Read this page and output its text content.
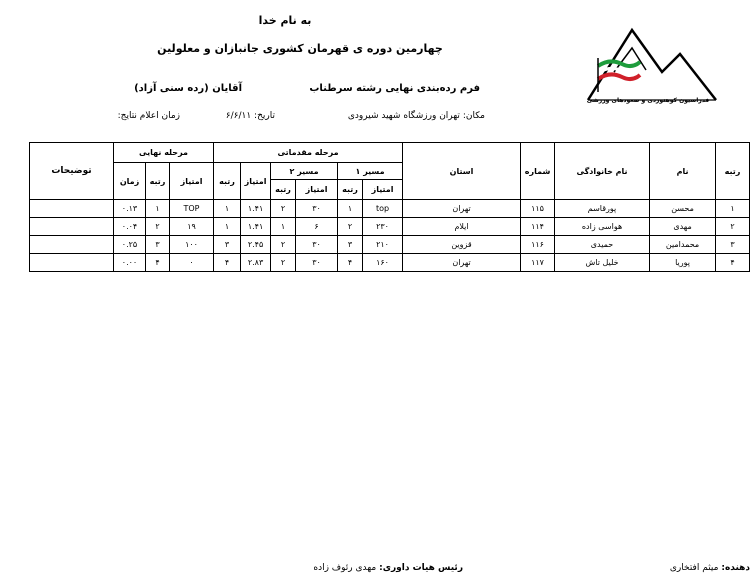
به نام خدا
چهارمین دوره ی قهرمان کشوری جانبازان و معلولین
فرم رده‌بندی نهایی رشته سرطناب
آقایان (رده سنی آزاد)
مکان: تهران ورزشگاه شهید شیرودی
تاریخ: ۶/۶/۱۱
زمان اعلام نتایج:
فدراسیون کوهنوردی و صعودهای ورزشی
رتبه	نام	نام خانوادگی	شماره	استان	مرحله مقدماتی						مرحله نهایی			توضیحات
					مسیر ۱		مسیر ۲		امتیاز	رتبه	امتیاز	رتبه	زمان	
					امتیاز	رتبه	امتیاز	رتبه						
۱	محسن	پورقاسم	۱۱۵	تهران	top	۱	۳۰	۲	۱.۴۱	۱	TOP	۱	۰.۱۳	
۲	مهدی	هواسی زاده	۱۱۴	ایلام	۲۳۰	۲	۶	۱	۱.۴۱	۱	۱۹	۲	۰.۰۴	
۳	محمدامین	حمیدی	۱۱۶	قزوین	۲۱۰	۳	۳۰	۲	۲.۴۵	۳	۱۰۰	۳	۰.۲۵	
۴	پوریا	خلیل تاش	۱۱۷	تهران	۱۶۰	۴	۳۰	۲	۲.۸۳	۴	۰	۴	۰.۰۰	
رئیس هیات داوری: مهدی رئوف زاده	دهنده: میثم افتخاری
